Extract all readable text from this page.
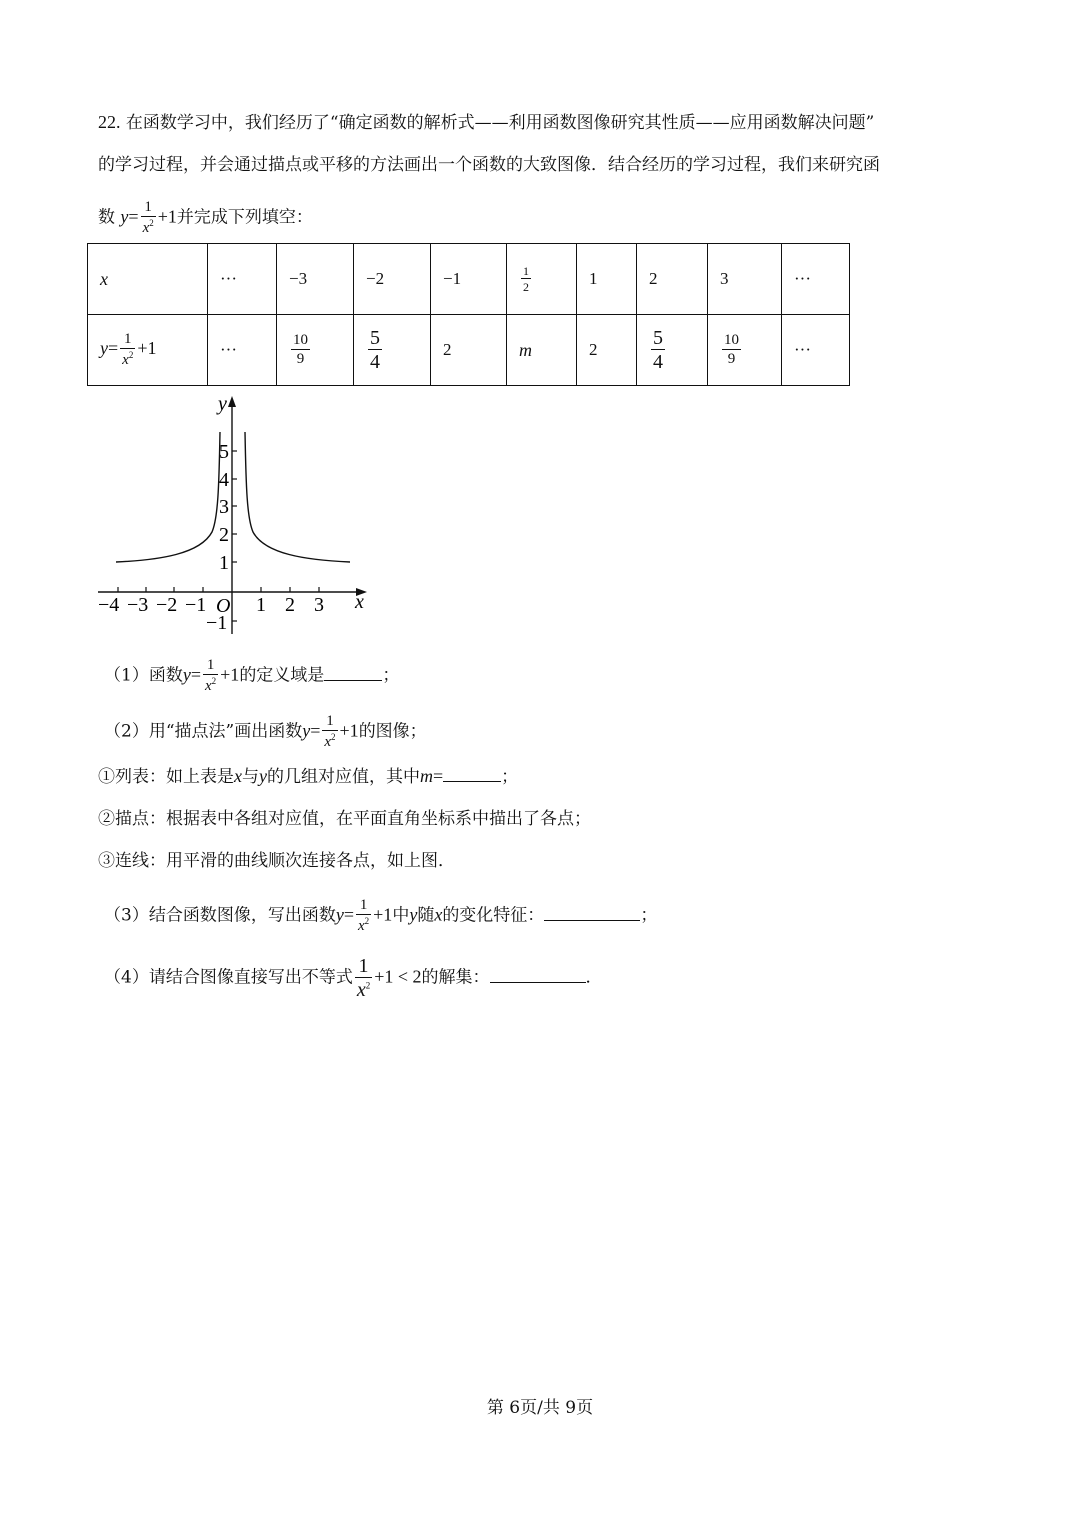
22. 在函数学习中，我们经历了“确定函数的解析式——利用函数图像研究其性质——应用函数解决问题”
的学习过程，并会通过描点或平移的方法画出一个函数的大致图像．结合经历的学习过程，我们来研究函
数 $y= \frac{1}{x^2} +1$并完成下列填空：
x	···	−3	−2	−1	$\frac{1}{2}$	1	2	3	···
$y= \frac{1}{x^2} +1$	···	$\frac{10}{9}$	$\frac{5}{4}$	2	m	2	$\frac{5}{4}$	$\frac{10}{9}$	···
y
x
O
−4 −3 −2 −1 1 2 3
5
4
3
2
1
−1
（1）函数$y= \frac{1}{x^2} +1$的定义域是	；
（2）用“描点法”画出函数$y= \frac{1}{x^2} +1$的图像；
①列表：如上表是x与y的几组对应值，其中m=	；
②描点：根据表中各组对应值，在平面直角坐标系中描出了各点；
③连线：用平滑的曲线顺次连接各点，如上图．
（3）结合函数图像，写出函数$y= \frac{1}{x^2} +1$中y随x的变化特征：	；
（4）请结合图像直接写出不等式 $\frac{1}{x^2} +1 < 2$的解集：	．
第 6页/共 9页
